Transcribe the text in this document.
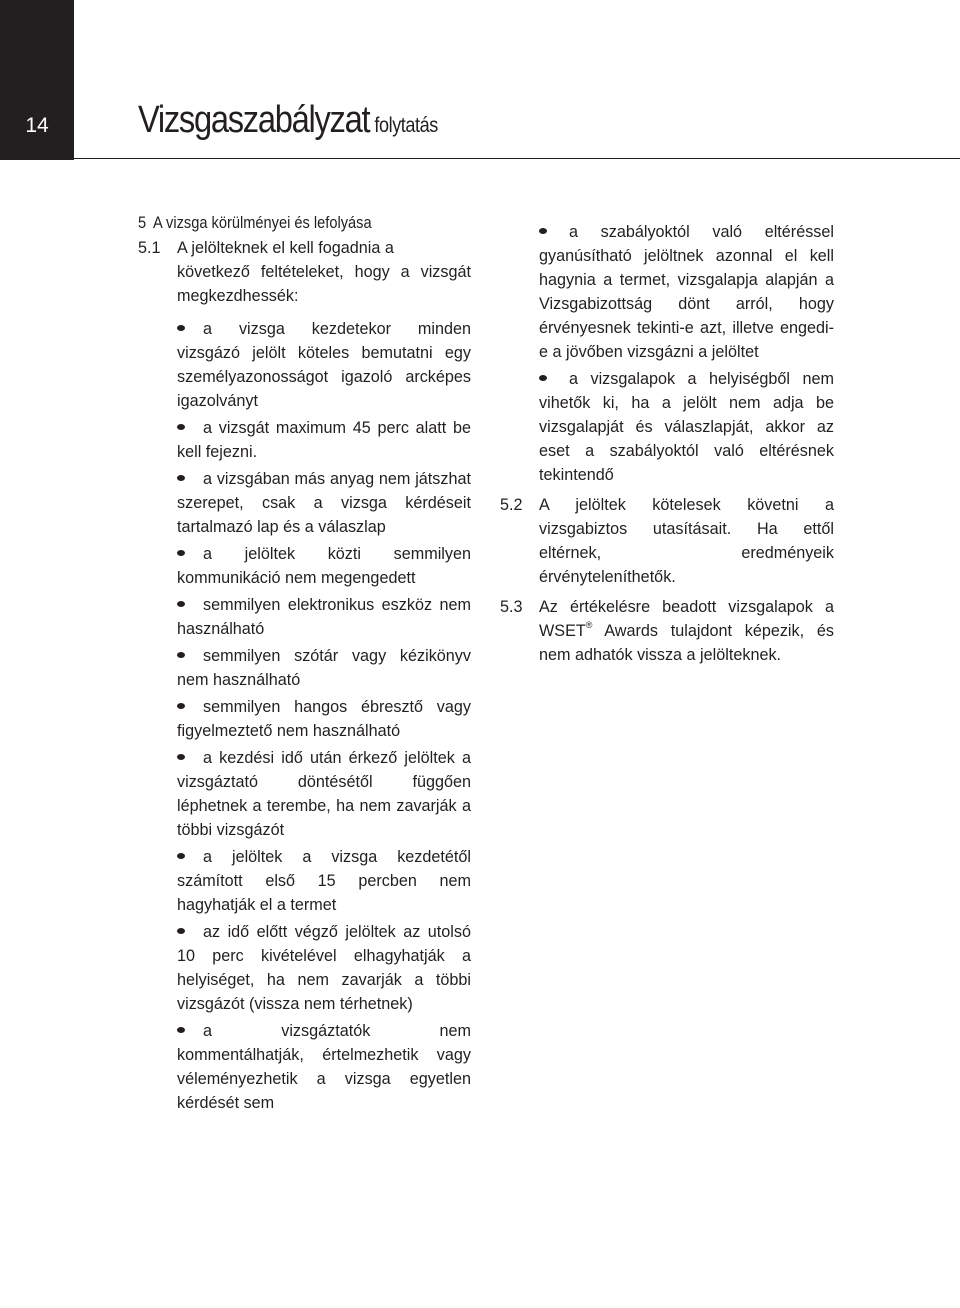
14	Vizsgaszabályzat folytatás
5 A vizsga körülményei és lefolyása
5.1 A jelölteknek el kell fogadnia a
következő feltételeket, hogy a vizsgát megkezdhessék:
a vizsga kezdetekor minden vizsgázó jelölt köteles bemutatni egy személyazonosságot igazoló arcképes igazolványt
a vizsgát maximum 45 perc alatt be kell fejezni.
a vizsgában más anyag nem játszhat szerepet, csak a vizsga kérdéseit tartalmazó lap és a válaszlap
a jelöltek közti semmilyen kommunikáció nem megengedett
semmilyen elektronikus eszköz nem használható
semmilyen szótár vagy kézikönyv nem használható
semmilyen hangos ébresztő vagy figyelmeztető nem használható
a kezdési idő után érkező jelöltek a vizsgáztató döntésétől függően léphetnek a terembe, ha nem zavarják a többi vizsgázót
a jelöltek a vizsga kezdetétől számított első 15 percben nem hagyhatják el a termet
az idő előtt végző jelöltek az utolsó 10 perc kivételével elhagyhatják a helyiséget, ha nem zavarják a többi vizsgázót (vissza nem térhetnek)
a vizsgáztatók nem kommentálhatják, értelmezhetik vagy véleményezhetik a vizsga egyetlen kérdését sem
a szabályoktól való eltéréssel gyanúsítható jelöltnek azonnal el kell hagynia a termet, vizsgalapja alapján a Vizsgabizottság dönt arról, hogy érvényesnek tekinti-e azt, illetve engedi-e a jövőben vizsgázni a jelöltet
a vizsgalapok a helyiségből nem vihetők ki, ha a jelölt nem adja be vizsgalapját és válaszlapját, akkor az eset a szabályoktól való eltérésnek tekintendő
5.2	A jelöltek kötelesek követni a vizsgabiztos utasításait. Ha ettől eltérnek, eredményeik érvényteleníthetők.
5.3	Az értékelésre beadott vizsgalapok a WSET® Awards tulajdont képezik, és nem adhatók vissza a jelölteknek.
